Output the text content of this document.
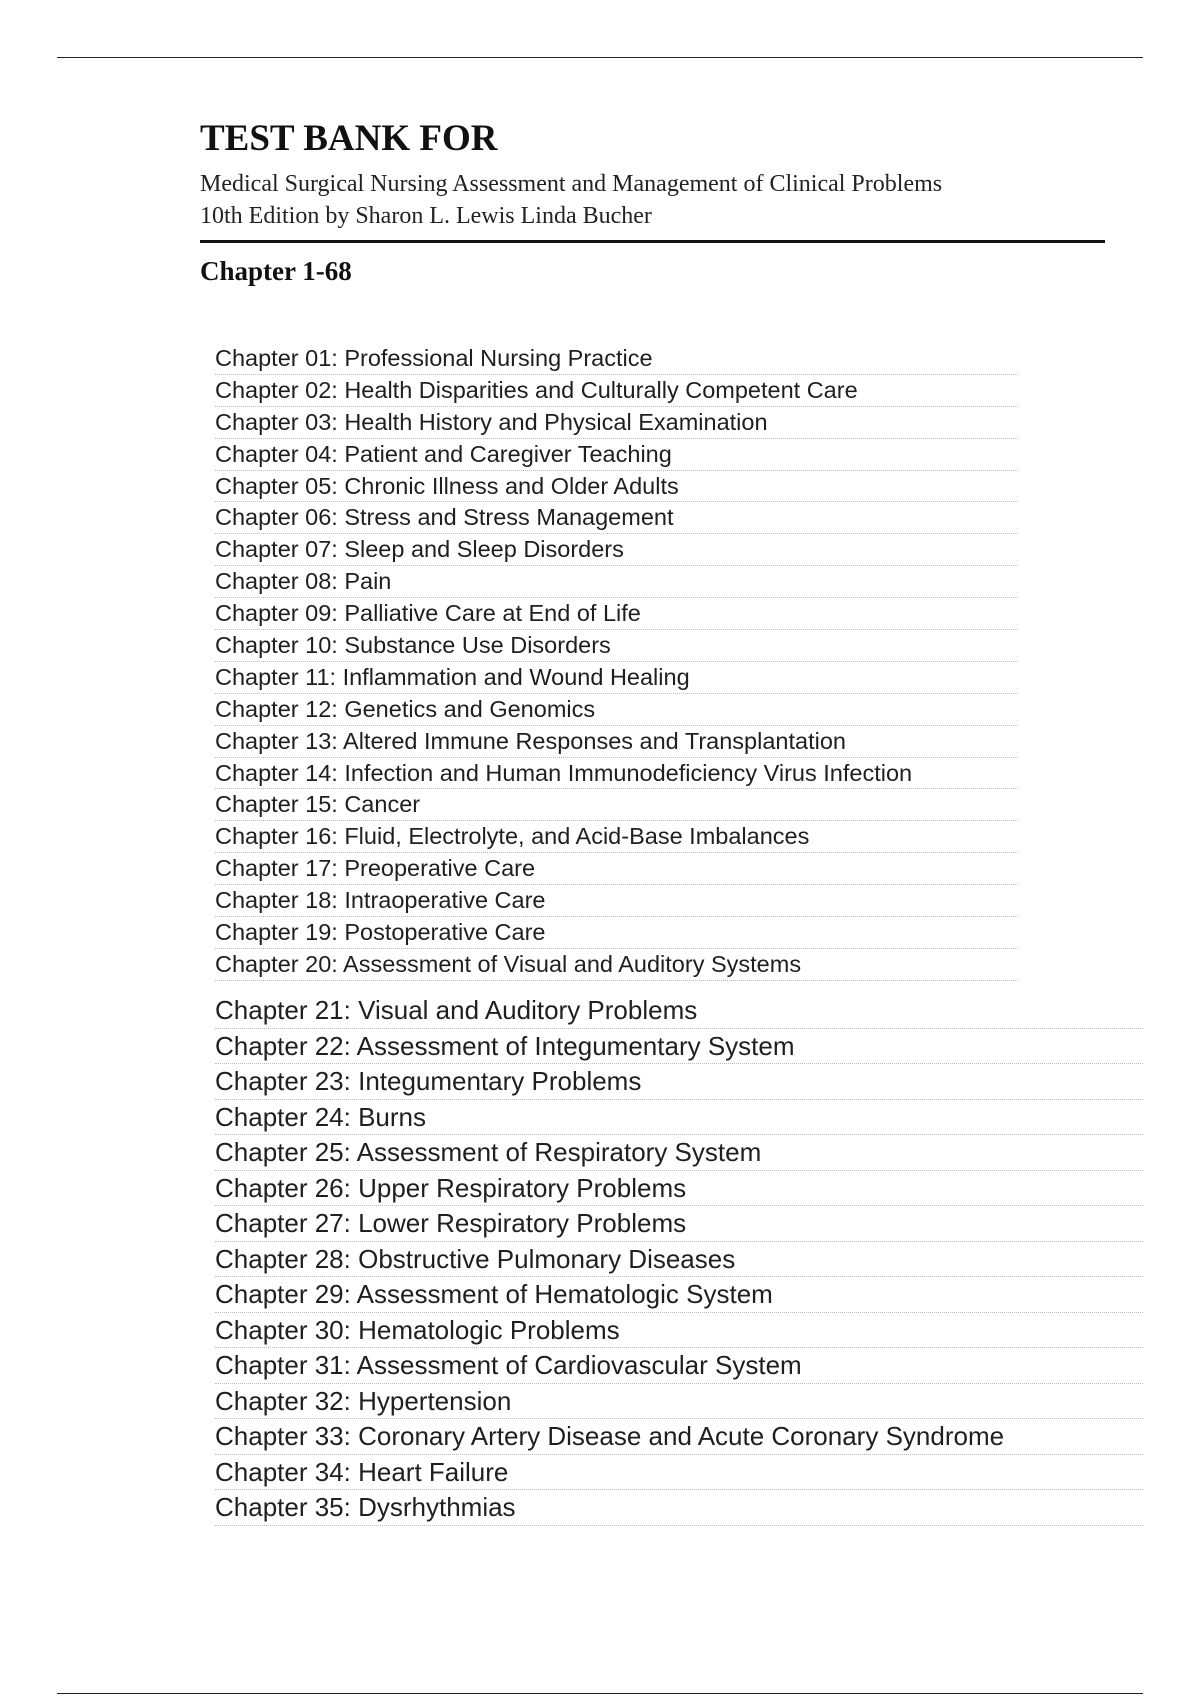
TEST BANK FOR
Medical Surgical Nursing Assessment and Management of Clinical Problems
10th Edition by Sharon L. Lewis Linda Bucher
Chapter 1-68
Chapter 01: Professional Nursing Practice
Chapter 02: Health Disparities and Culturally Competent Care
Chapter 03: Health History and Physical Examination
Chapter 04: Patient and Caregiver Teaching
Chapter 05: Chronic Illness and Older Adults
Chapter 06: Stress and Stress Management
Chapter 07: Sleep and Sleep Disorders
Chapter 08: Pain
Chapter 09: Palliative Care at End of Life
Chapter 10: Substance Use Disorders
Chapter 11: Inflammation and Wound Healing
Chapter 12: Genetics and Genomics
Chapter 13: Altered Immune Responses and Transplantation
Chapter 14: Infection and Human Immunodeficiency Virus Infection
Chapter 15: Cancer
Chapter 16: Fluid, Electrolyte, and Acid-Base Imbalances
Chapter 17: Preoperative Care
Chapter 18: Intraoperative Care
Chapter 19: Postoperative Care
Chapter 20: Assessment of Visual and Auditory Systems
Chapter 21: Visual and Auditory Problems
Chapter 22: Assessment of Integumentary System
Chapter 23: Integumentary Problems
Chapter 24: Burns
Chapter 25: Assessment of Respiratory System
Chapter 26: Upper Respiratory Problems
Chapter 27: Lower Respiratory Problems
Chapter 28: Obstructive Pulmonary Diseases
Chapter 29: Assessment of Hematologic System
Chapter 30: Hematologic Problems
Chapter 31: Assessment of Cardiovascular System
Chapter 32: Hypertension
Chapter 33: Coronary Artery Disease and Acute Coronary Syndrome
Chapter 34: Heart Failure
Chapter 35: Dysrhythmias
